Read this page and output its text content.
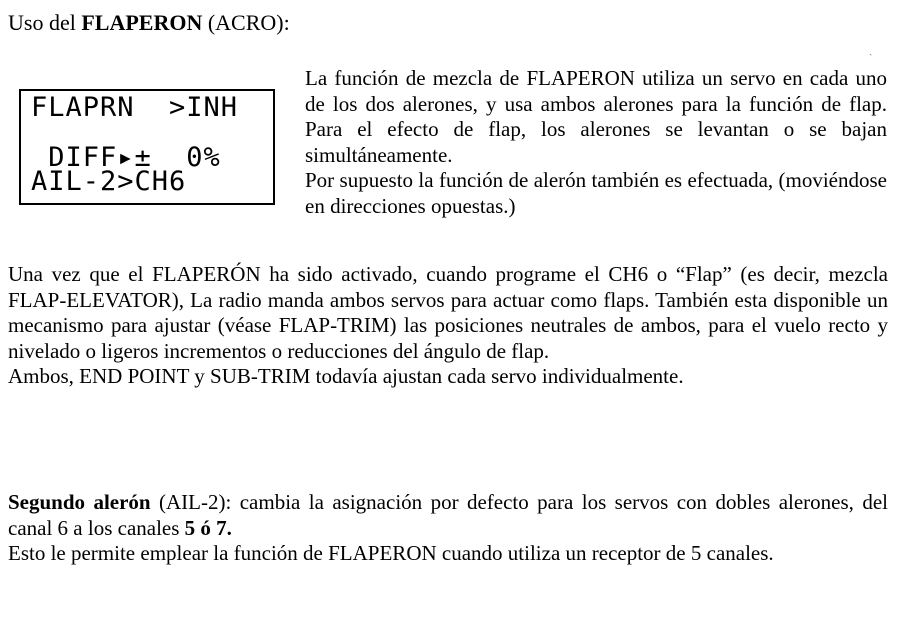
Uso del FLAPERON (ACRO):
ˏ
FLAPRN  >INH
DIFF▸±  0%
AIL-2>CH6

La función de mezcla de FLAPERON utiliza un servo en cada uno de los dos alerones, y usa ambos alerones para la función de flap. Para el efecto de flap, los alerones se levantan o se bajan simultáneamente.

Por supuesto la función de alerón también es efectuada, (moviéndose en direcciones opuestas.)

Una vez que el FLAPERÓN ha sido activado, cuando programe el CH6 o “Flap” (es decir, mezcla FLAP-ELEVATOR), La radio manda ambos servos para actuar como flaps. También esta disponible un mecanismo para ajustar (véase FLAP-TRIM) las posiciones neutrales de ambos, para el vuelo recto y nivelado o ligeros incrementos o reducciones del ángulo de flap.

Ambos, END POINT y SUB-TRIM todavía ajustan cada servo individualmente.

Segundo alerón (AIL-2): cambia la asignación por defecto para los servos con dobles alerones, del canal 6 a los canales 5 ó 7.

Esto le permite emplear la función de FLAPERON cuando utiliza un receptor de 5 canales.
